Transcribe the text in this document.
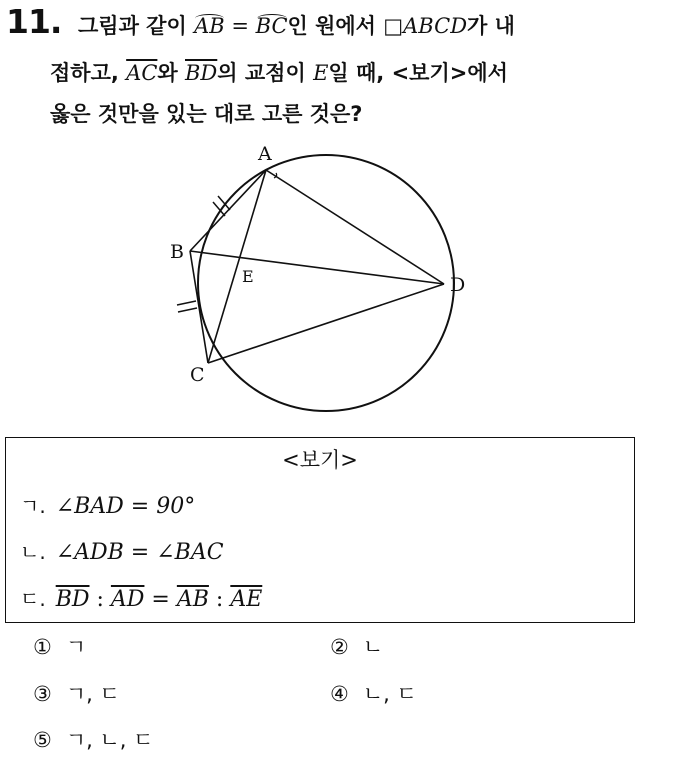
11. 그림과 같이 AB = BC인 원에서 □ABCD가 내
접하고, $\overline{AC}$와 $\overline{BD}$의 교점이 E일 때, <보기>에서
옳은 것만을 있는 대로 고른 것은?
A
B
C
D
E
<보기>
ㄱ. ∠BAD = 90°
ㄴ. ∠ADB = ∠BAC
ㄷ. $\overline{BD}$ : $\overline{AD} = \overline{AB}$ : $\overline{AE}$
① ㄱ	② ㄴ
③ ㄱ, ㄷ	④ ㄴ, ㄷ
⑤ ㄱ, ㄴ, ㄷ
